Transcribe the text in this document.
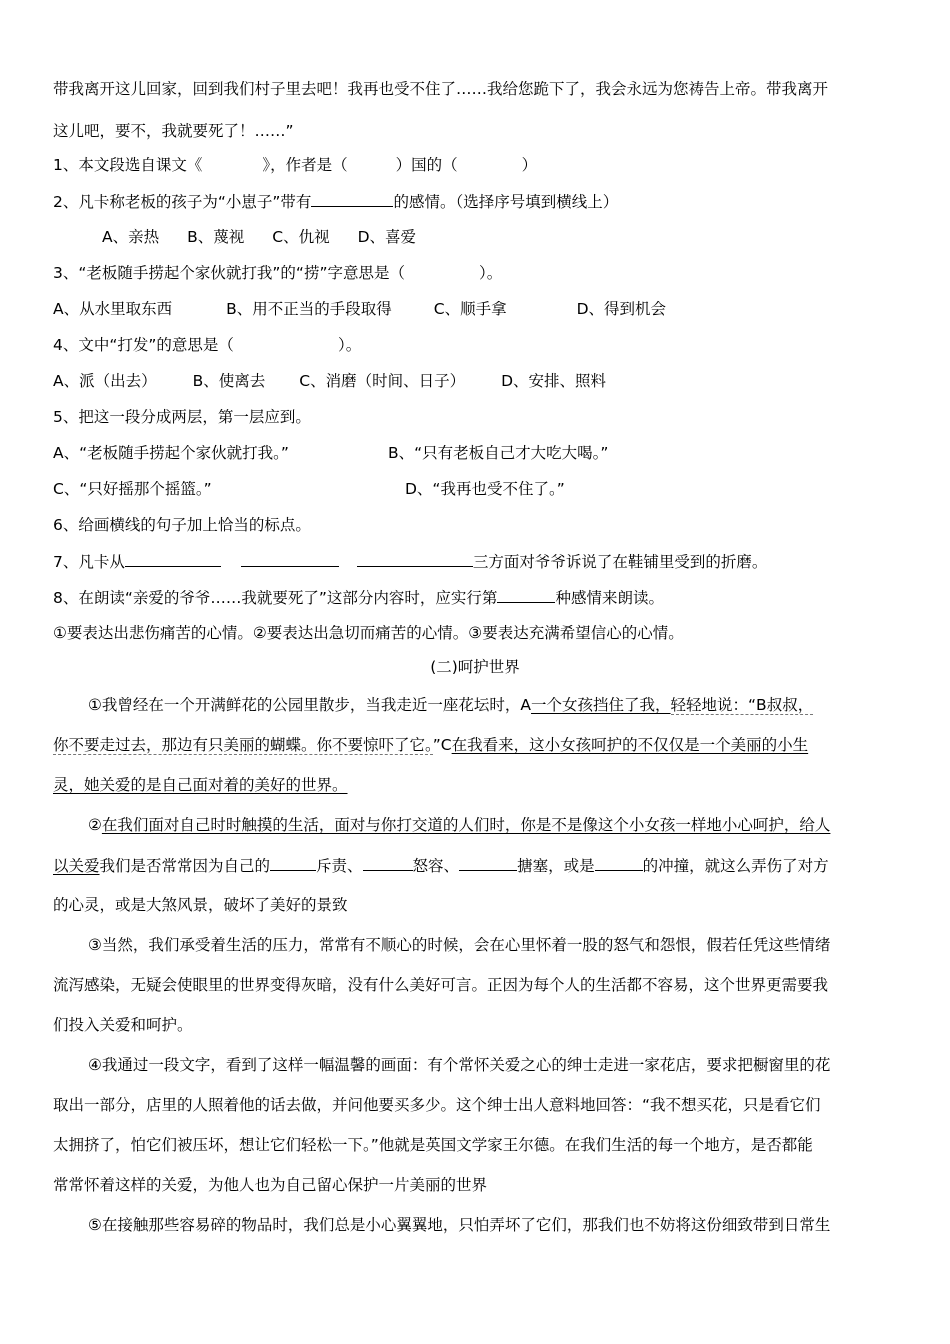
带我离开这儿回家，回到我们村子里去吧！我再也受不住了……我给您跪下了，我会永远为您祷告上帝。带我离开
这儿吧，要不，我就要死了！……”
1、本文段选自课文《	》，作者是（	）国的（	）
2、凡卡称老板的孩子为“小崽子”带有	的感情。（选择序号填到横线上）
A、亲热 B、蔑视 C、仇视 D、喜爱
3、“老板随手捞起个家伙就打我”的“捞”字意思是（	）。
A、从水里取东西	B、用不正当的手段取得	C、顺手拿	D、得到机会
4、文中“打发”的意思是（	）。
A、派（出去） B、使离去 C、消磨（时间、日子） D、安排、照料
5、把这一段分成两层，第一层应到。
A、“老板随手捞起个家伙就打我。”	B、“只有老板自己才大吃大喝。”
C、“只好摇那个摇篮。”	D、“我再也受不住了。”
6、给画横线的句子加上恰当的标点。
7、凡卡从	三方面对爷爷诉说了在鞋铺里受到的折磨。
8、在朗读“亲爱的爷爷……我就要死了”这部分内容时，应实行第	种感情来朗读。
①要表达出悲伤痛苦的心情。②要表达出急切而痛苦的心情。③要表达充满希望信心的心情。
(二)呵护世界
①我曾经在一个开满鲜花的公园里散步，当我走近一座花坛时，A一个女孩挡住了我，轻轻地说：“B叔叔，
你不要走过去，那边有只美丽的蝴蝶。你不要惊吓了它。”C在我看来，这小女孩呵护的不仅仅是一个美丽的小生
灵，她关爱的是自己面对着的美好的世界。
②在我们面对自己时时触摸的生活，面对与你打交道的人们时，你是不是像这个小女孩一样地小心呵护，给人
以关爱我们是否常常因为自己的	斥责、	怒容、	搪塞，或是	的冲撞，就这么弄伤了对方
的心灵，或是大煞风景，破坏了美好的景致
③当然，我们承受着生活的压力，常常有不顺心的时候，会在心里怀着一股的怒气和怨恨，假若任凭这些情绪
流泻感染，无疑会使眼里的世界变得灰暗，没有什么美好可言。正因为每个人的生活都不容易，这个世界更需要我
们投入关爱和呵护。
④我通过一段文字，看到了这样一幅温馨的画面：有个常怀关爱之心的绅士走进一家花店，要求把橱窗里的花
取出一部分，店里的人照着他的话去做，并问他要买多少。这个绅士出人意料地回答：“我不想买花，只是看它们
太拥挤了，怕它们被压坏，想让它们轻松一下。”他就是英国文学家王尔德。在我们生活的每一个地方，是否都能
常常怀着这样的关爱，为他人也为自己留心保护一片美丽的世界
⑤在接触那些容易碎的物品时，我们总是小心翼翼地，只怕弄坏了它们，那我们也不妨将这份细致带到日常生
